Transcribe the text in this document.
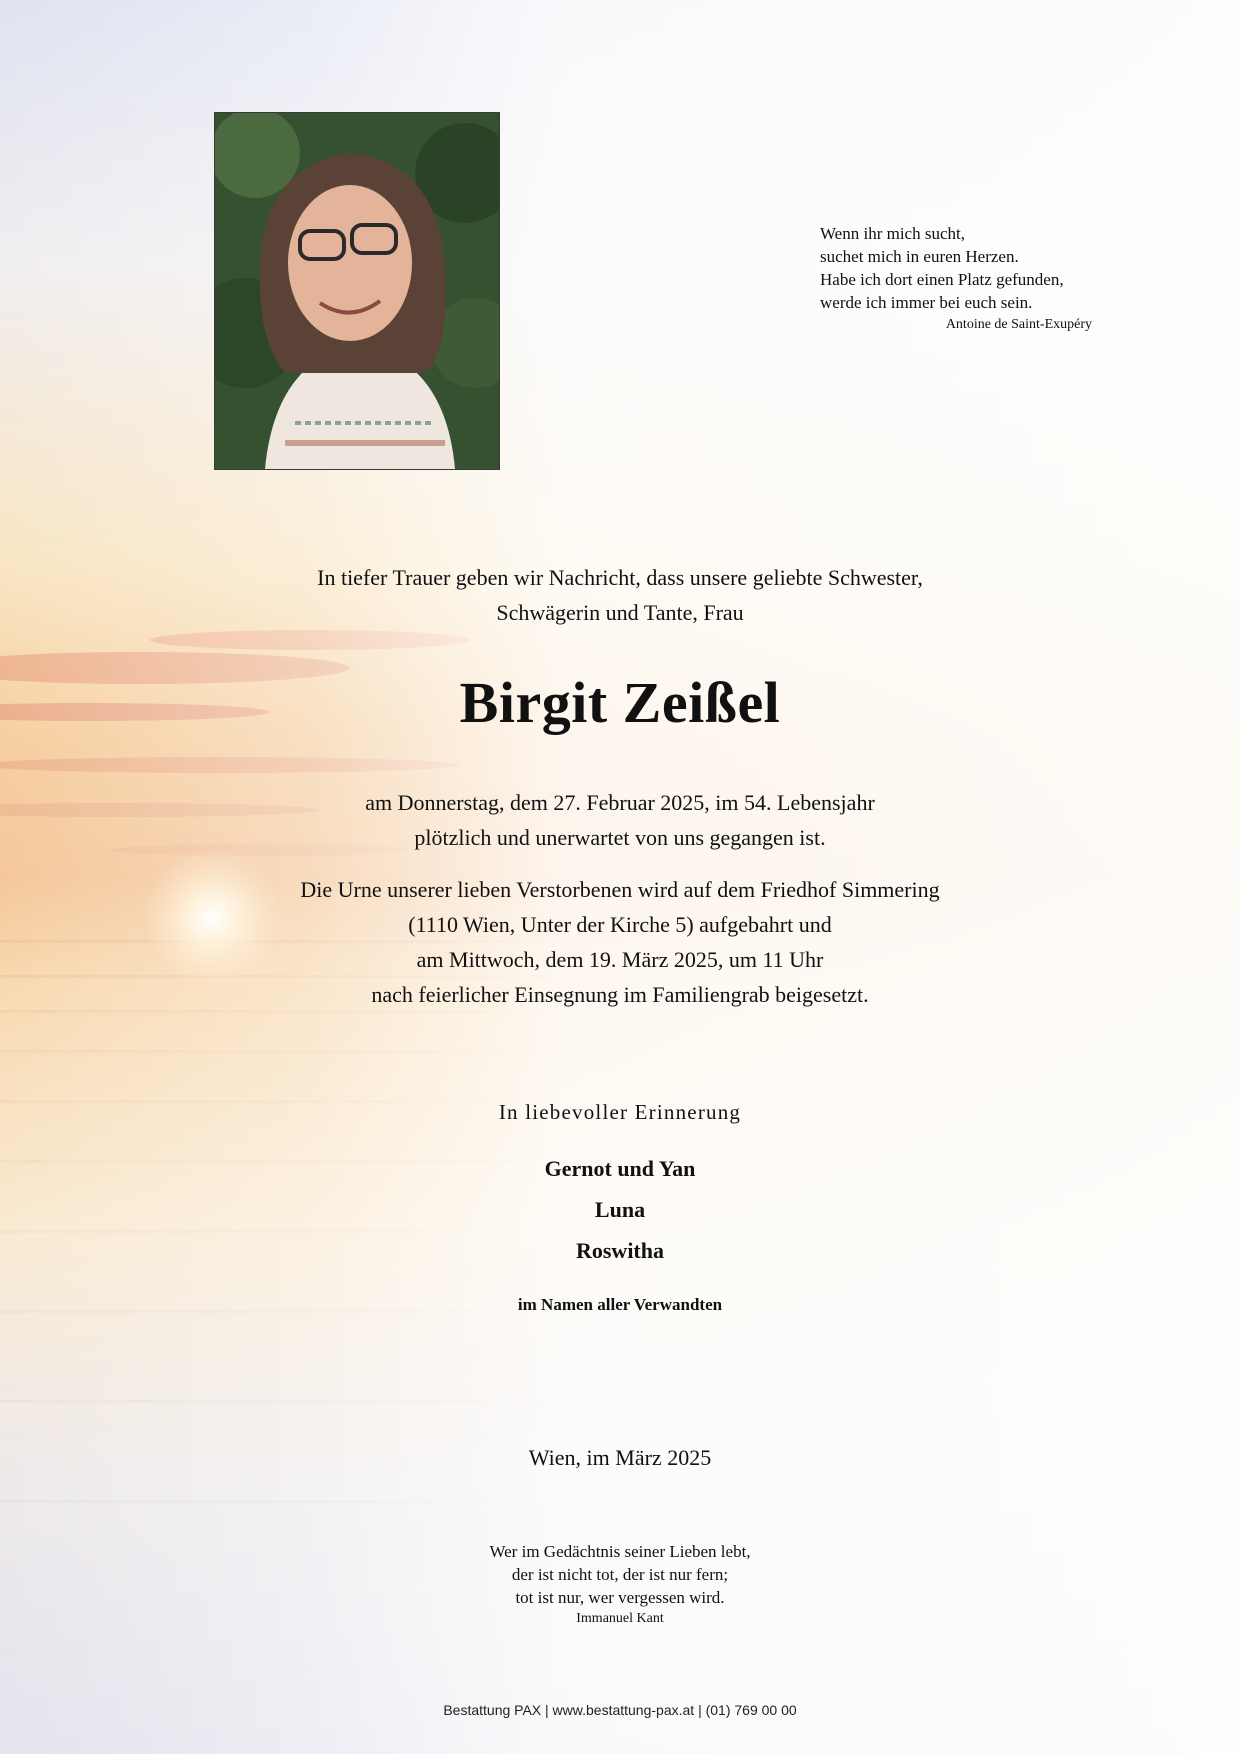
Wenn ihr mich sucht,
suchet mich in euren Herzen.
Habe ich dort einen Platz gefunden,
werde ich immer bei euch sein.
Antoine de Saint-Exupéry
In tiefer Trauer geben wir Nachricht, dass unsere geliebte Schwester,
Schwägerin und Tante, Frau
Birgit Zeißel
am Donnerstag, dem 27. Februar 2025, im 54. Lebensjahr
plötzlich und unerwartet von uns gegangen ist.
Die Urne unserer lieben Verstorbenen wird auf dem Friedhof Simmering
(1110 Wien, Unter der Kirche 5) aufgebahrt und
am Mittwoch, dem 19. März 2025, um 11 Uhr
nach feierlicher Einsegnung im Familiengrab beigesetzt.
In liebevoller Erinnerung
Gernot und Yan
Luna
Roswitha
im Namen aller Verwandten
Wien, im März 2025
Wer im Gedächtnis seiner Lieben lebt,
der ist nicht tot, der ist nur fern;
tot ist nur, wer vergessen wird.
Immanuel Kant
Bestattung PAX | www.bestattung-pax.at | (01) 769 00 00
